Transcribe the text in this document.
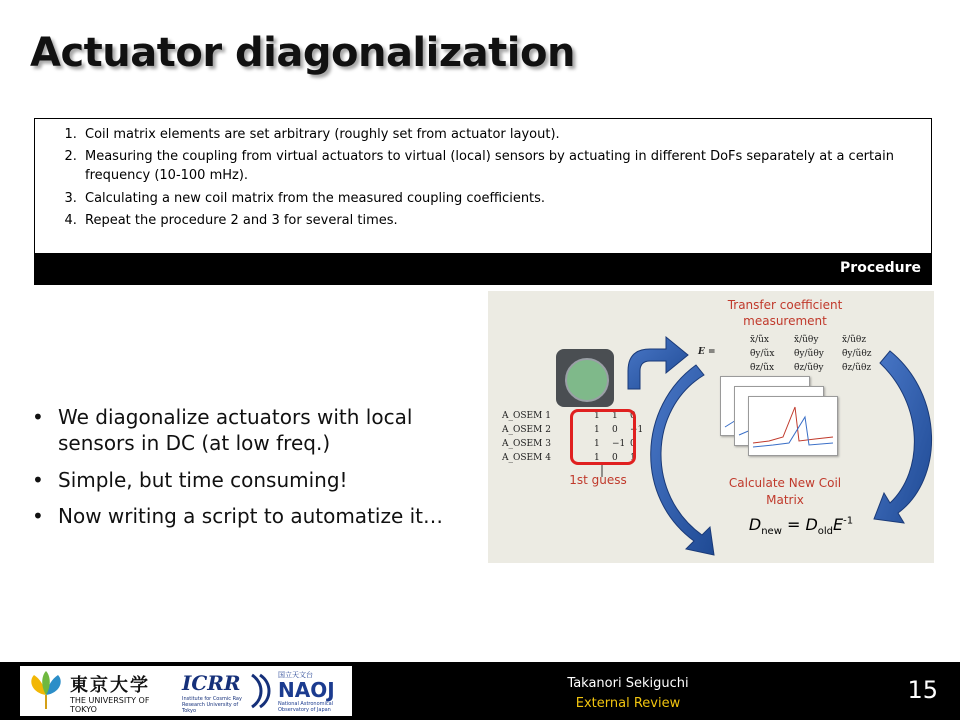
Actuator diagonalization
1. Coil matrix elements are set arbitrary (roughly set from actuator layout).
2. Measuring the coupling from virtual actuators to virtual (local) sensors by actuating in different DoFs separately at a certain frequency (10-100 mHz).
3. Calculating a new coil matrix from the measured coupling coefficients.
4. Repeat the procedure 2 and 3 for several times.
Procedure
• We diagonalize actuators with local sensors in DC (at low freq.)
• Simple, but time consuming!
• Now writing a script to automatize it…
A_OSEM 1
A_OSEM 2
A_OSEM 3
A_OSEM 4
1
1
1
1
1
0
−1
0
0
−1
0
1
1st guess
Transfer coefficient measurement
E =
x̃/ũx
θ̃y/ũx
θ̃z/ũx
x̃/ũθy
θ̃y/ũθy
θ̃z/ũθy
x̃/ũθz
θ̃y/ũθz
θ̃z/ũθz
Calculate New Coil Matrix
$D_{new} = D_{old}E^{-1}$
東京大学
THE UNIVERSITY OF TOKYO
ICRR
Institute for Cosmic Ray Research University of Tokyo
国立天文台
NAOJ
National Astronomical Observatory of Japan
Takanori Sekiguchi
External Review	15
